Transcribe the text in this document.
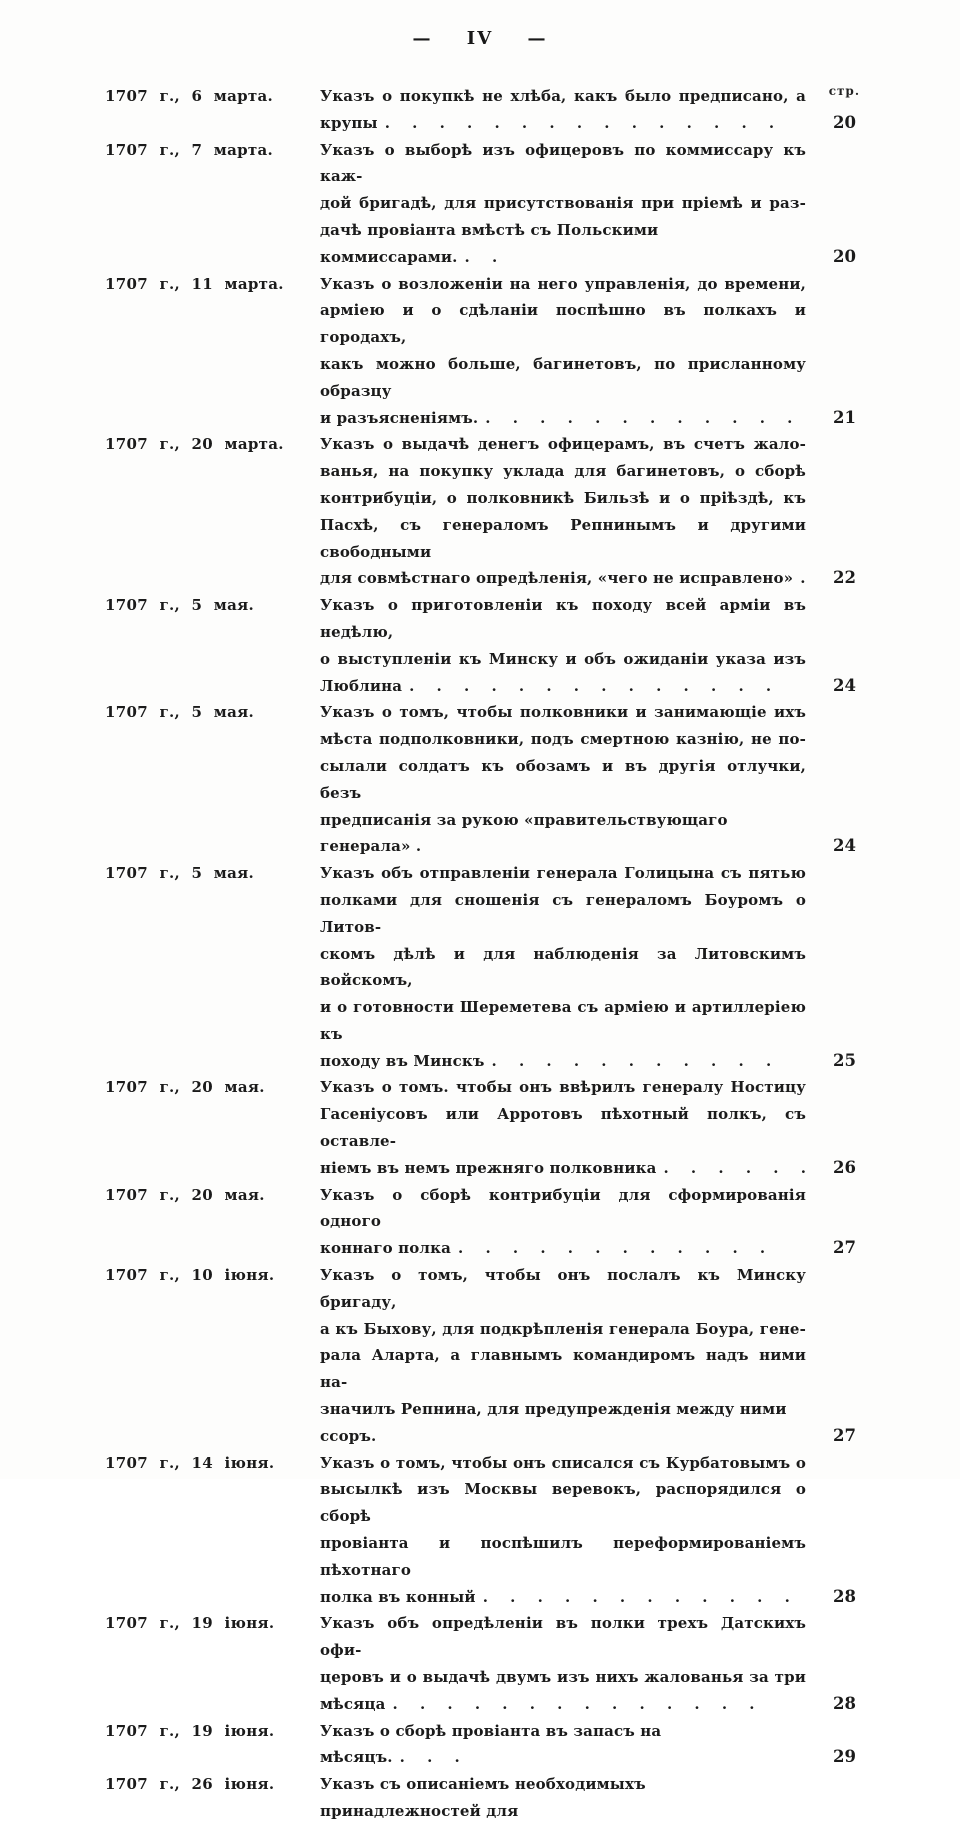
— IV —
стр.
1707 г., 6 марта.	Указъ о покупкѣ не хлѣба, какъ было предписано, а
крупы . . . . . . . . . . . . . . .	20
1707 г., 7 марта.	Указъ о выборѣ изъ офицеровъ по коммиссару къ каж-
дой бригадѣ, для присутствованія при пріемѣ и раз-
дачѣ провіанта вмѣстѣ съ Польскими коммиссарами. . .	20
1707 г., 11 марта.	Указъ о возложеніи на него управленія, до времени,
арміею и о сдѣланіи поспѣшно въ полкахъ и городахъ,
какъ можно больше, багинетовъ, по присланному образцу
и разъясненіямъ. . . . . . . . . . . . .	21
1707 г., 20 марта.	Указъ о выдачѣ денегъ офицерамъ, въ счетъ жало-
ванья, на покупку уклада для багинетовъ, о сборѣ
контрибуціи, о полковникѣ Бильзѣ и о пріѣздѣ, къ
Пасхѣ, съ генераломъ Репнинымъ и другими свободными
для совмѣстнаго опредѣленія, «чего не исправлено» .	22
1707 г., 5 мая.	Указъ о приготовленіи къ походу всей арміи въ недѣлю,
о выступленіи къ Минску и объ ожиданіи указа изъ
Люблина . . . . . . . . . . . . . .	24
1707 г., 5 мая.	Указъ о томъ, чтобы полковники и занимающіе ихъ
мѣста подполковники, подъ смертною казнію, не по-
сылали солдатъ къ обозамъ и въ другія отлучки, безъ
предписанія за рукою «правительствующаго генерала» .	24
1707 г., 5 мая.	Указъ объ отправленіи генерала Голицына съ пятью
полками для сношенія съ генераломъ Боуромъ о Литов-
скомъ дѣлѣ и для наблюденія за Литовскимъ войскомъ,
и о готовности Шереметева съ арміею и артиллеріею къ
походу въ Минскъ . . . . . . . . . . .	25
1707 г., 20 мая.	Указъ о томъ. чтобы онъ ввѣрилъ генералу Ностицу
Гасеніусовъ или Арротовъ пѣхотный полкъ, съ оставле-
ніемъ въ немъ прежняго полковника . . . . . .	26
1707 г., 20 мая.	Указъ о сборѣ контрибуціи для сформированія одного
коннаго полка . . . . . . . . . . . .	27
1707 г., 10 іюня.	Указъ о томъ, чтобы онъ послалъ къ Минску бригаду,
а къ Быхову, для подкрѣпленія генерала Боура, гене-
рала Аларта, а главнымъ командиромъ надъ ними на-
значилъ Репнина, для предупрежденія между ними ссоръ.	27
1707 г., 14 іюня.	Указъ о томъ, чтобы онъ списался съ Курбатовымъ о
высылкѣ изъ Москвы веревокъ, распорядился о сборѣ
провіанта и поспѣшилъ переформированіемъ пѣхотнаго
полка въ конный . . . . . . . . . . . .	28
1707 г., 19 іюня.	Указъ объ опредѣленіи въ полки трехъ Датскихъ офи-
церовъ и о выдачѣ двумъ изъ нихъ жалованья за три
мѣсяца . . . . . . . . . . . . . .	28
1707 г., 19 іюня.	Указъ о сборѣ провіанта въ запасъ на мѣсяцъ. . . .	29
1707 г., 26 іюня.	Указъ съ описаніемъ необходимыхъ принадлежностей для
